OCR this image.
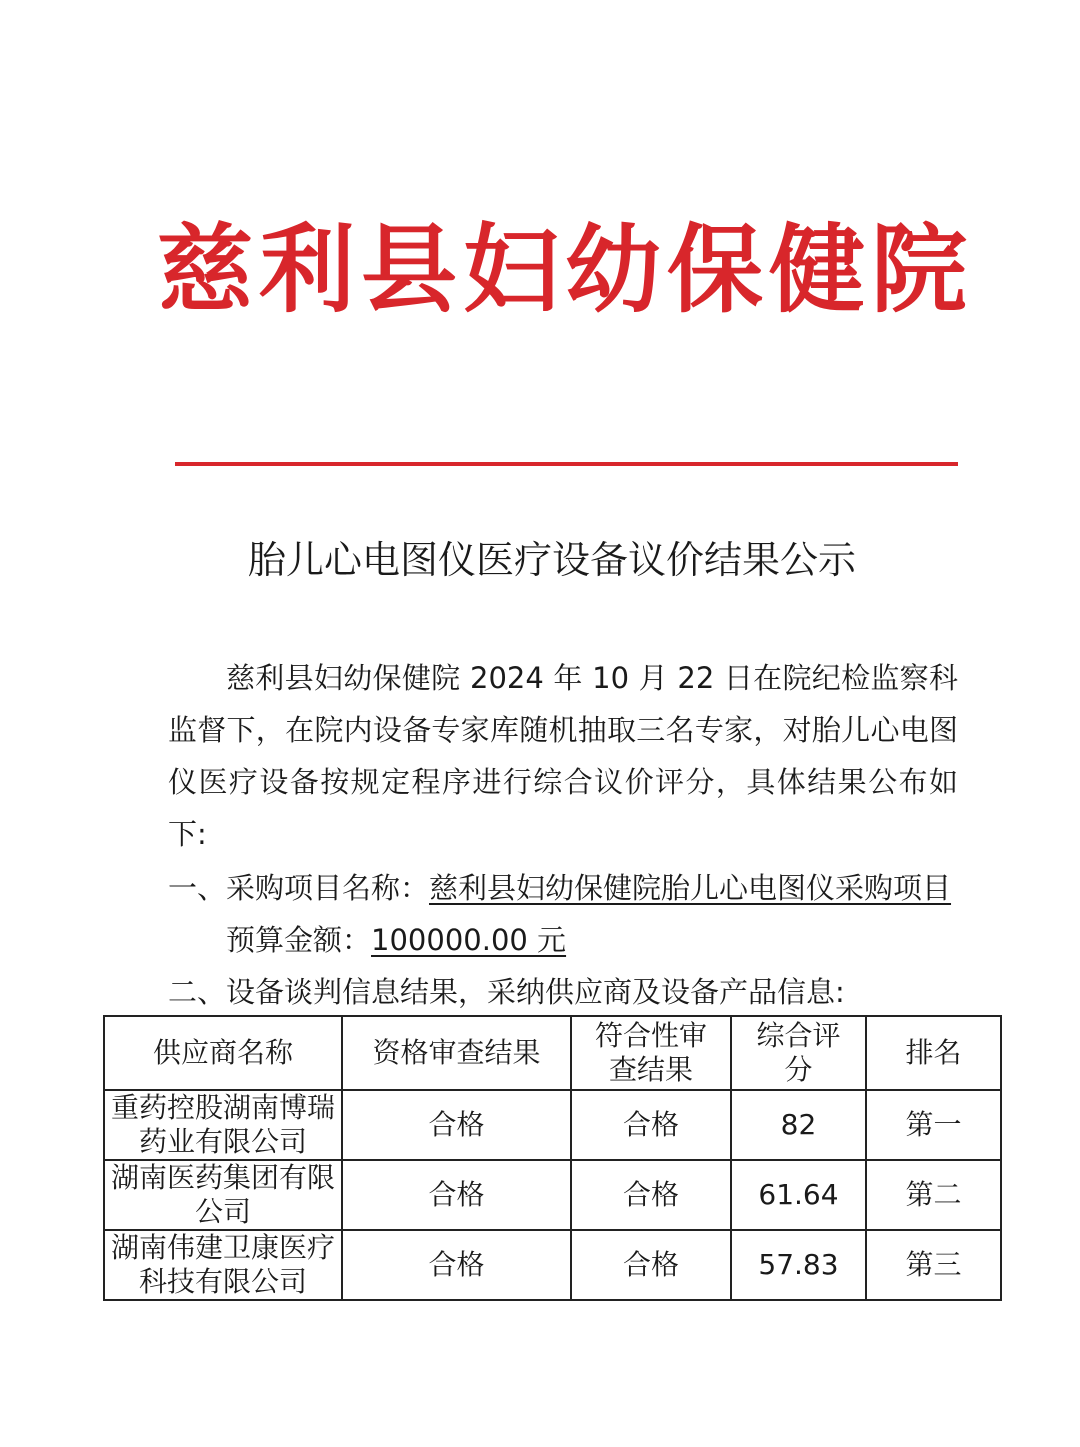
慈利县妇幼保健院
胎儿心电图仪医疗设备议价结果公示

慈利县妇幼保健院 2024 年 10 月 22 日在院纪检监察科监督下，在院内设备专家库随机抽取三名专家，对胎儿心电图仪医疗设备按规定程序进行综合议价评分，具体结果公布如下:

一、采购项目名称：慈利县妇幼保健院胎儿心电图仪采购项目
预算金额：100000.00 元
二、设备谈判信息结果，采纳供应商及设备产品信息:
供应商名称	资格审查结果	符合性审查结果	综合评分	排名
重药控股湖南博瑞药业有限公司	合格	合格	82	第一
湖南医药集团有限公司	合格	合格	61.64	第二
湖南伟建卫康医疗科技有限公司	合格	合格	57.83	第三
